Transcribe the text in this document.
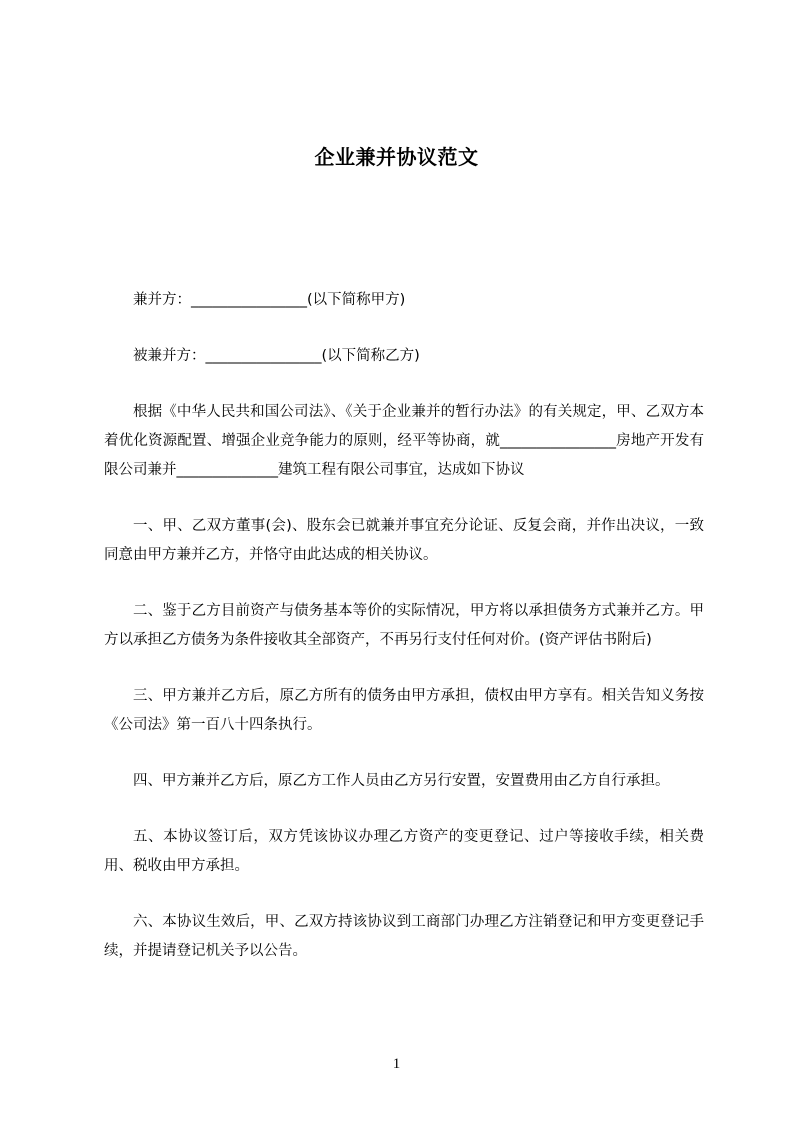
企业兼并协议范文

兼并方：________________(以下简称甲方)

被兼并方：________________(以下简称乙方)

根据《中华人民共和国公司法》、《关于企业兼并的暂行办法》的有关规定，甲、乙双方本着优化资源配置、增强企业竞争能力的原则，经平等协商，就________________房地产开发有限公司兼并______________建筑工程有限公司事宜，达成如下协议

一、甲、乙双方董事(会)、股东会已就兼并事宜充分论证、反复会商，并作出决议，一致同意由甲方兼并乙方，并恪守由此达成的相关协议。

二、鉴于乙方目前资产与债务基本等价的实际情况，甲方将以承担债务方式兼并乙方。甲方以承担乙方债务为条件接收其全部资产，不再另行支付任何对价。(资产评估书附后)

三、甲方兼并乙方后，原乙方所有的债务由甲方承担，债权由甲方享有。相关告知义务按《公司法》第一百八十四条执行。

四、甲方兼并乙方后，原乙方工作人员由乙方另行安置，安置费用由乙方自行承担。

五、本协议签订后，双方凭该协议办理乙方资产的变更登记、过户等接收手续，相关费用、税收由甲方承担。

六、本协议生效后，甲、乙双方持该协议到工商部门办理乙方注销登记和甲方变更登记手续，并提请登记机关予以公告。

1
